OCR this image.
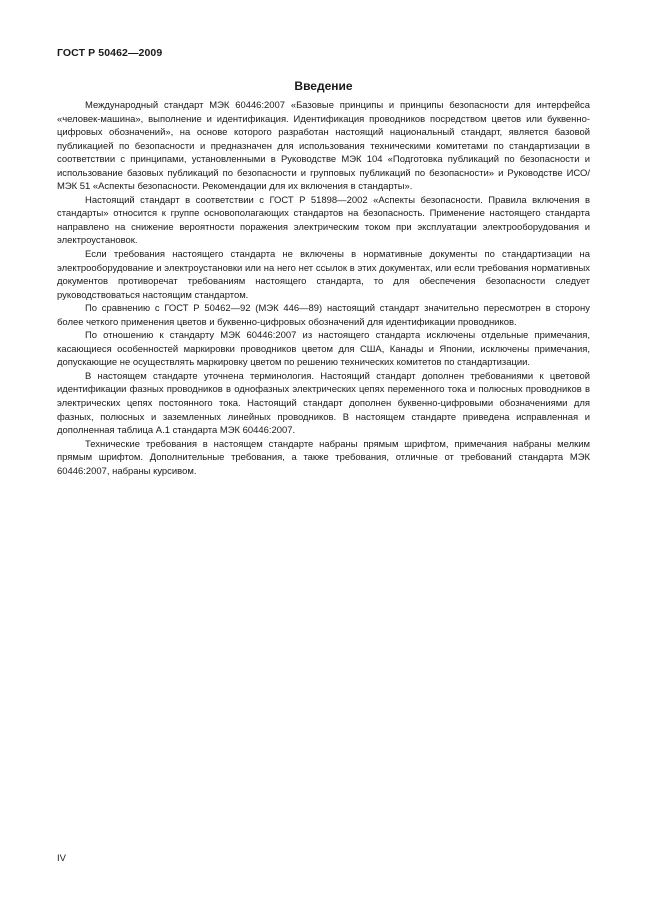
ГОСТ Р 50462—2009
Введение

Международный стандарт МЭК 60446:2007 «Базовые принципы и принципы безопасности для интерфейса «человек-машина», выполнение и идентификация. Идентификация проводников посредством цветов или буквенно-цифровых обозначений», на основе которого разработан настоящий национальный стандарт, является базовой публикацией по безопасности и предназначен для использования техническими комитетами по стандартизации в соответствии с принципами, установленными в Руководстве МЭК 104 «Подготовка публикаций по безопасности и использование базовых публикаций по безопасности и групповых публикаций по безопасности» и Руководстве ИСО/МЭК 51 «Аспекты безопасности. Рекомендации для их включения в стандарты».

Настоящий стандарт в соответствии с ГОСТ Р 51898—2002 «Аспекты безопасности. Правила включения в стандарты» относится к группе основополагающих стандартов на безопасность. Применение настоящего стандарта направлено на снижение вероятности поражения электрическим током при эксплуатации электрооборудования и электроустановок.

Если требования настоящего стандарта не включены в нормативные документы по стандартизации на электрооборудование и электроустановки или на него нет ссылок в этих документах, или если требования нормативных документов противоречат требованиям настоящего стандарта, то для обеспечения безопасности следует руководствоваться настоящим стандартом.

По сравнению с ГОСТ Р 50462—92 (МЭК 446—89) настоящий стандарт значительно пересмотрен в сторону более четкого применения цветов и буквенно-цифровых обозначений для идентификации проводников.

По отношению к стандарту МЭК 60446:2007 из настоящего стандарта исключены отдельные примечания, касающиеся особенностей маркировки проводников цветом для США, Канады и Японии, исключены примечания, допускающие не осуществлять маркировку цветом по решению технических комитетов по стандартизации.

В настоящем стандарте уточнена терминология. Настоящий стандарт дополнен требованиями к цветовой идентификации фазных проводников в однофазных электрических цепях переменного тока и полюсных проводников в электрических цепях постоянного тока. Настоящий стандарт дополнен буквенно-цифровыми обозначениями для фазных, полюсных и заземленных линейных проводников. В настоящем стандарте приведена исправленная и дополненная таблица А.1 стандарта МЭК 60446:2007.

Технические требования в настоящем стандарте набраны прямым шрифтом, примечания набраны мелким прямым шрифтом. Дополнительные требования, а также требования, отличные от требований стандарта МЭК 60446:2007, набраны курсивом.

IV
